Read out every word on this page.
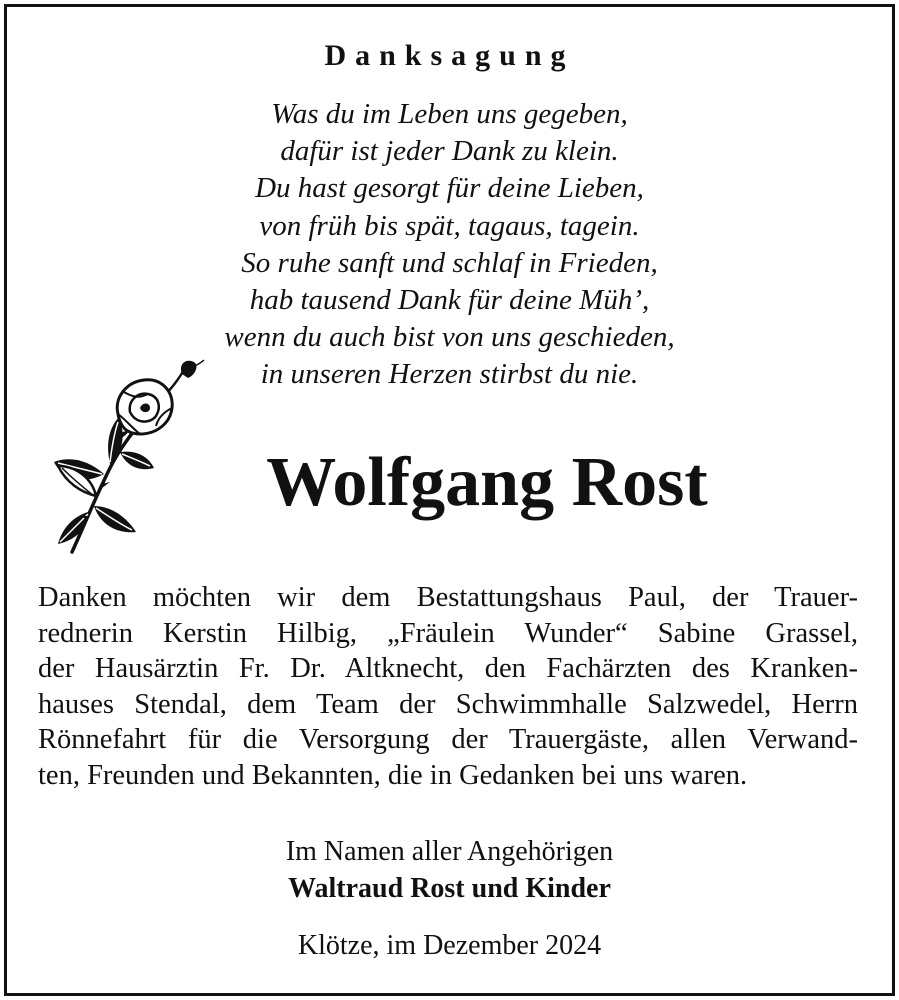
Danksagung
Was du im Leben uns gegeben,
dafür ist jeder Dank zu klein.
Du hast gesorgt für deine Lieben,
von früh bis spät, tagaus, tagein.
So ruhe sanft und schlaf in Frieden,
hab tausend Dank für deine Müh’,
wenn du auch bist von uns geschieden,
in unseren Herzen stirbst du nie.
Wolfgang Rost
Danken möchten wir dem Bestattungshaus Paul, der Trauer-
rednerin Kerstin Hilbig, „Fräulein Wunder“ Sabine Grassel,
der Hausärztin Fr. Dr. Altknecht, den Fachärzten des Kranken-
hauses Stendal, dem Team der Schwimmhalle Salzwedel, Herrn
Rönnefahrt für die Versorgung der Trauergäste, allen Verwand-
ten, Freunden und Bekannten, die in Gedanken bei uns waren.

Im Namen aller Angehörigen

Waltraud Rost und Kinder

Klötze, im Dezember 2024
